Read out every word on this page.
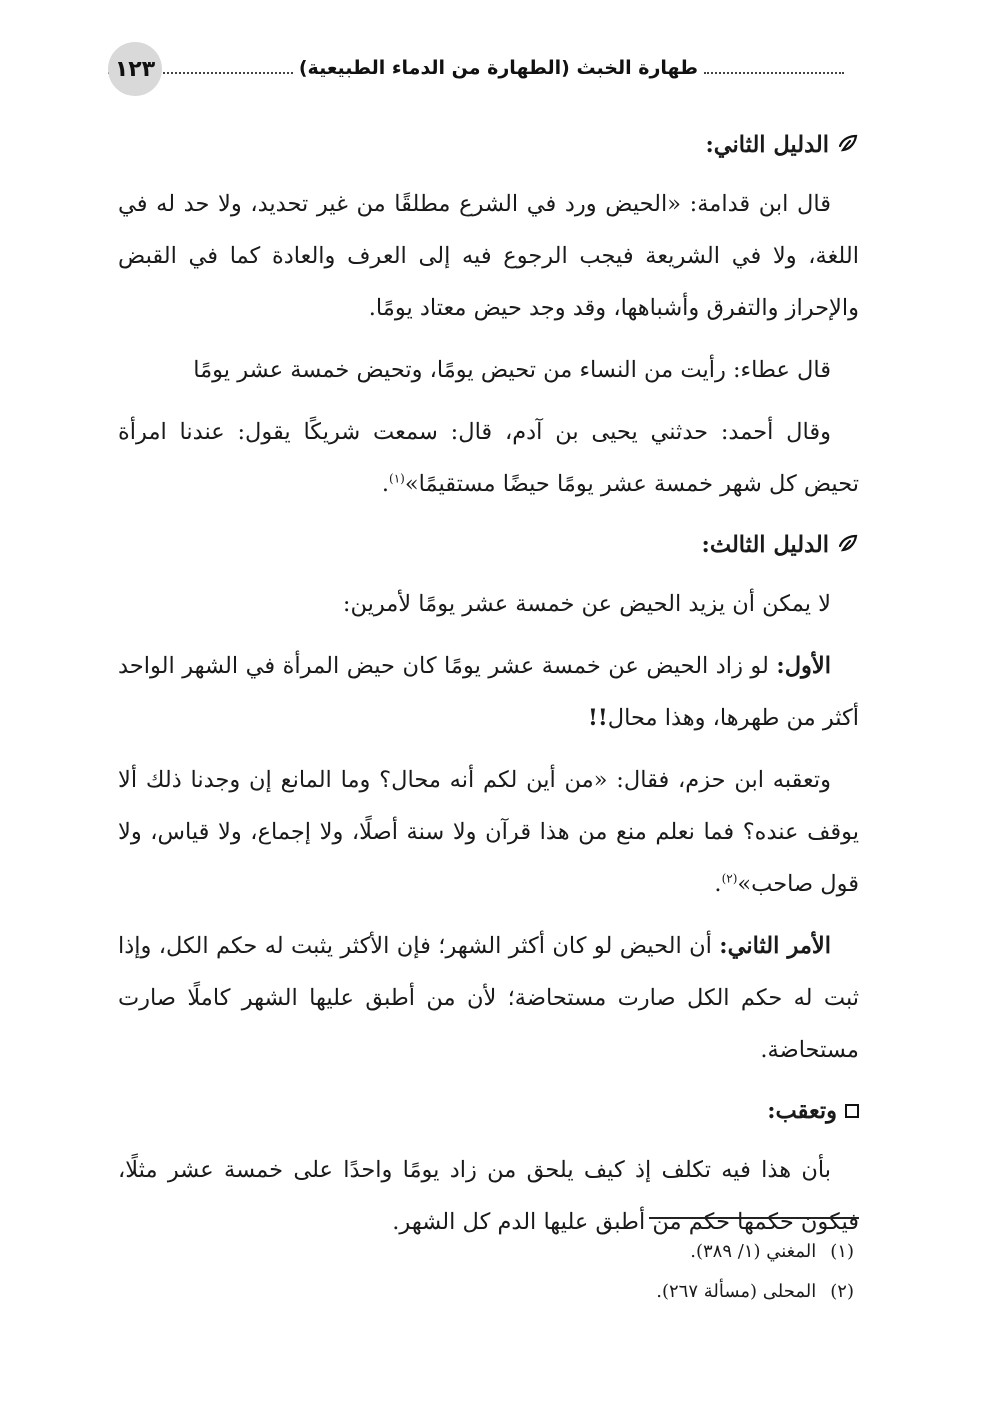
طهارة الخبث (الطهارة من الدماء الطبيعية)
١٢٣
الدليل الثاني:

قال ابن قدامة: «الحيض ورد في الشرع مطلقًا من غير تحديد، ولا حد له في اللغة، ولا في الشريعة فيجب الرجوع فيه إلى العرف والعادة كما في القبض والإحراز والتفرق وأشباهها، وقد وجد حيض معتاد يومًا.

قال عطاء: رأيت من النساء من تحيض يومًا، وتحيض خمسة عشر يومًا

وقال أحمد: حدثني يحيى بن آدم، قال: سمعت شريكًا يقول: عندنا امرأة تحيض كل شهر خمسة عشر يومًا حيضًا مستقيمًا»$^{(١)}$.

الدليل الثالث:

لا يمكن أن يزيد الحيض عن خمسة عشر يومًا لأمرين:

الأول: لو زاد الحيض عن خمسة عشر يومًا كان حيض المرأة في الشهر الواحد أكثر من طهرها، وهذا محال!!

وتعقبه ابن حزم، فقال: «من أين لكم أنه محال؟ وما المانع إن وجدنا ذلك ألا يوقف عنده؟ فما نعلم منع من هذا قرآن ولا سنة أصلًا، ولا إجماع، ولا قياس، ولا قول صاحب»$^{(٢)}$.

الأمر الثاني: أن الحيض لو كان أكثر الشهر؛ فإن الأكثر يثبت له حكم الكل، وإذا ثبت له حكم الكل صارت مستحاضة؛ لأن من أطبق عليها الشهر كاملًا صارت مستحاضة.

وتعقب:

بأن هذا فيه تكلف إذ كيف يلحق من زاد يومًا واحدًا على خمسة عشر مثلًا، فيكون حكمها حكم من أطبق عليها الدم كل الشهر.

(١)
المغني (١/ ٣٨٩).
(٢)
المحلى (مسألة ٢٦٧).
